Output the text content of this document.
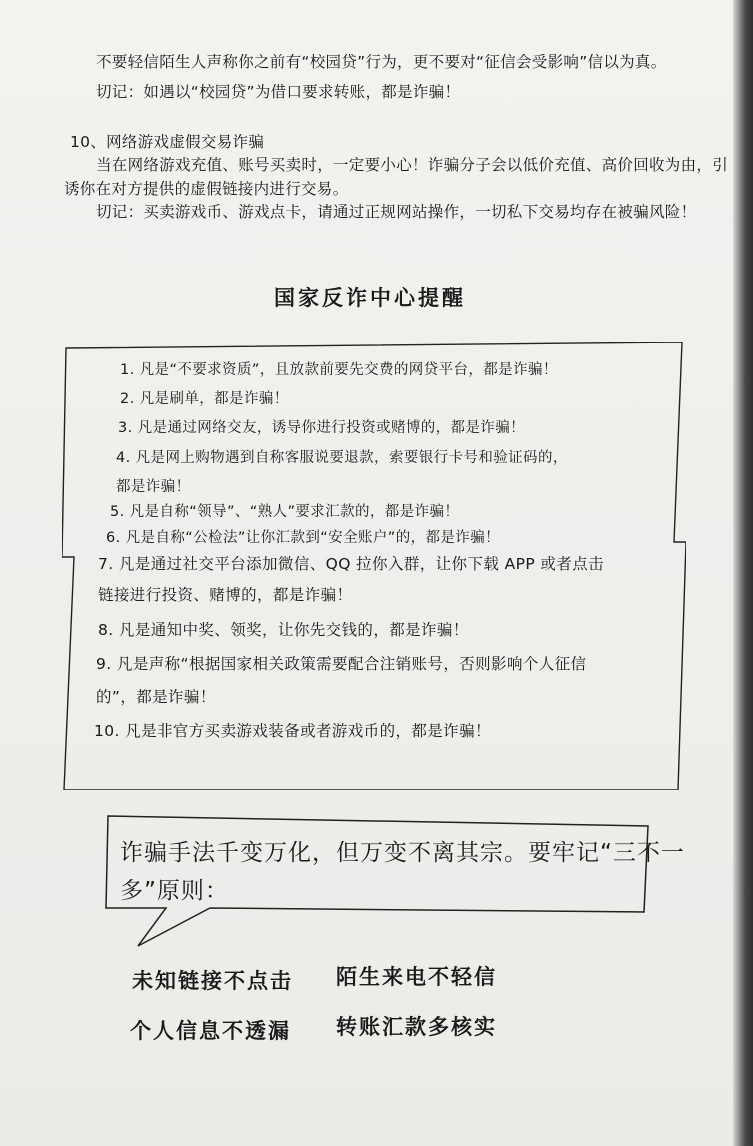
不要轻信陌生人声称你之前有“校园贷”行为，更不要对“征信会受影响”信以为真。
切记：如遇以“校园贷”为借口要求转账，都是诈骗！
10、网络游戏虚假交易诈骗
当在网络游戏充值、账号买卖时，一定要小心！诈骗分子会以低价充值、高价回收为由，引
诱你在对方提供的虚假链接内进行交易。
切记：买卖游戏币、游戏点卡，请通过正规网站操作，一切私下交易均存在被骗风险！
国家反诈中心提醒
1. 凡是“不要求资质”，且放款前要先交费的网贷平台，都是诈骗！
2. 凡是刷单，都是诈骗！
3. 凡是通过网络交友，诱导你进行投资或赌博的，都是诈骗！
4. 凡是网上购物遇到自称客服说要退款，索要银行卡号和验证码的，
都是诈骗！
5. 凡是自称“领导”、“熟人”要求汇款的，都是诈骗！
6. 凡是自称“公检法”让你汇款到“安全账户”的，都是诈骗！
7. 凡是通过社交平台添加微信、QQ 拉你入群，让你下载 APP 或者点击
链接进行投资、赌博的，都是诈骗！
8. 凡是通知中奖、领奖，让你先交钱的，都是诈骗！
9. 凡是声称“根据国家相关政策需要配合注销账号，否则影响个人征信
的”，都是诈骗！
10. 凡是非官方买卖游戏装备或者游戏币的，都是诈骗！
诈骗手法千变万化，但万变不离其宗。要牢记“三不一
多”原则：
未知链接不点击 陌生来电不轻信
个人信息不透漏 转账汇款多核实
